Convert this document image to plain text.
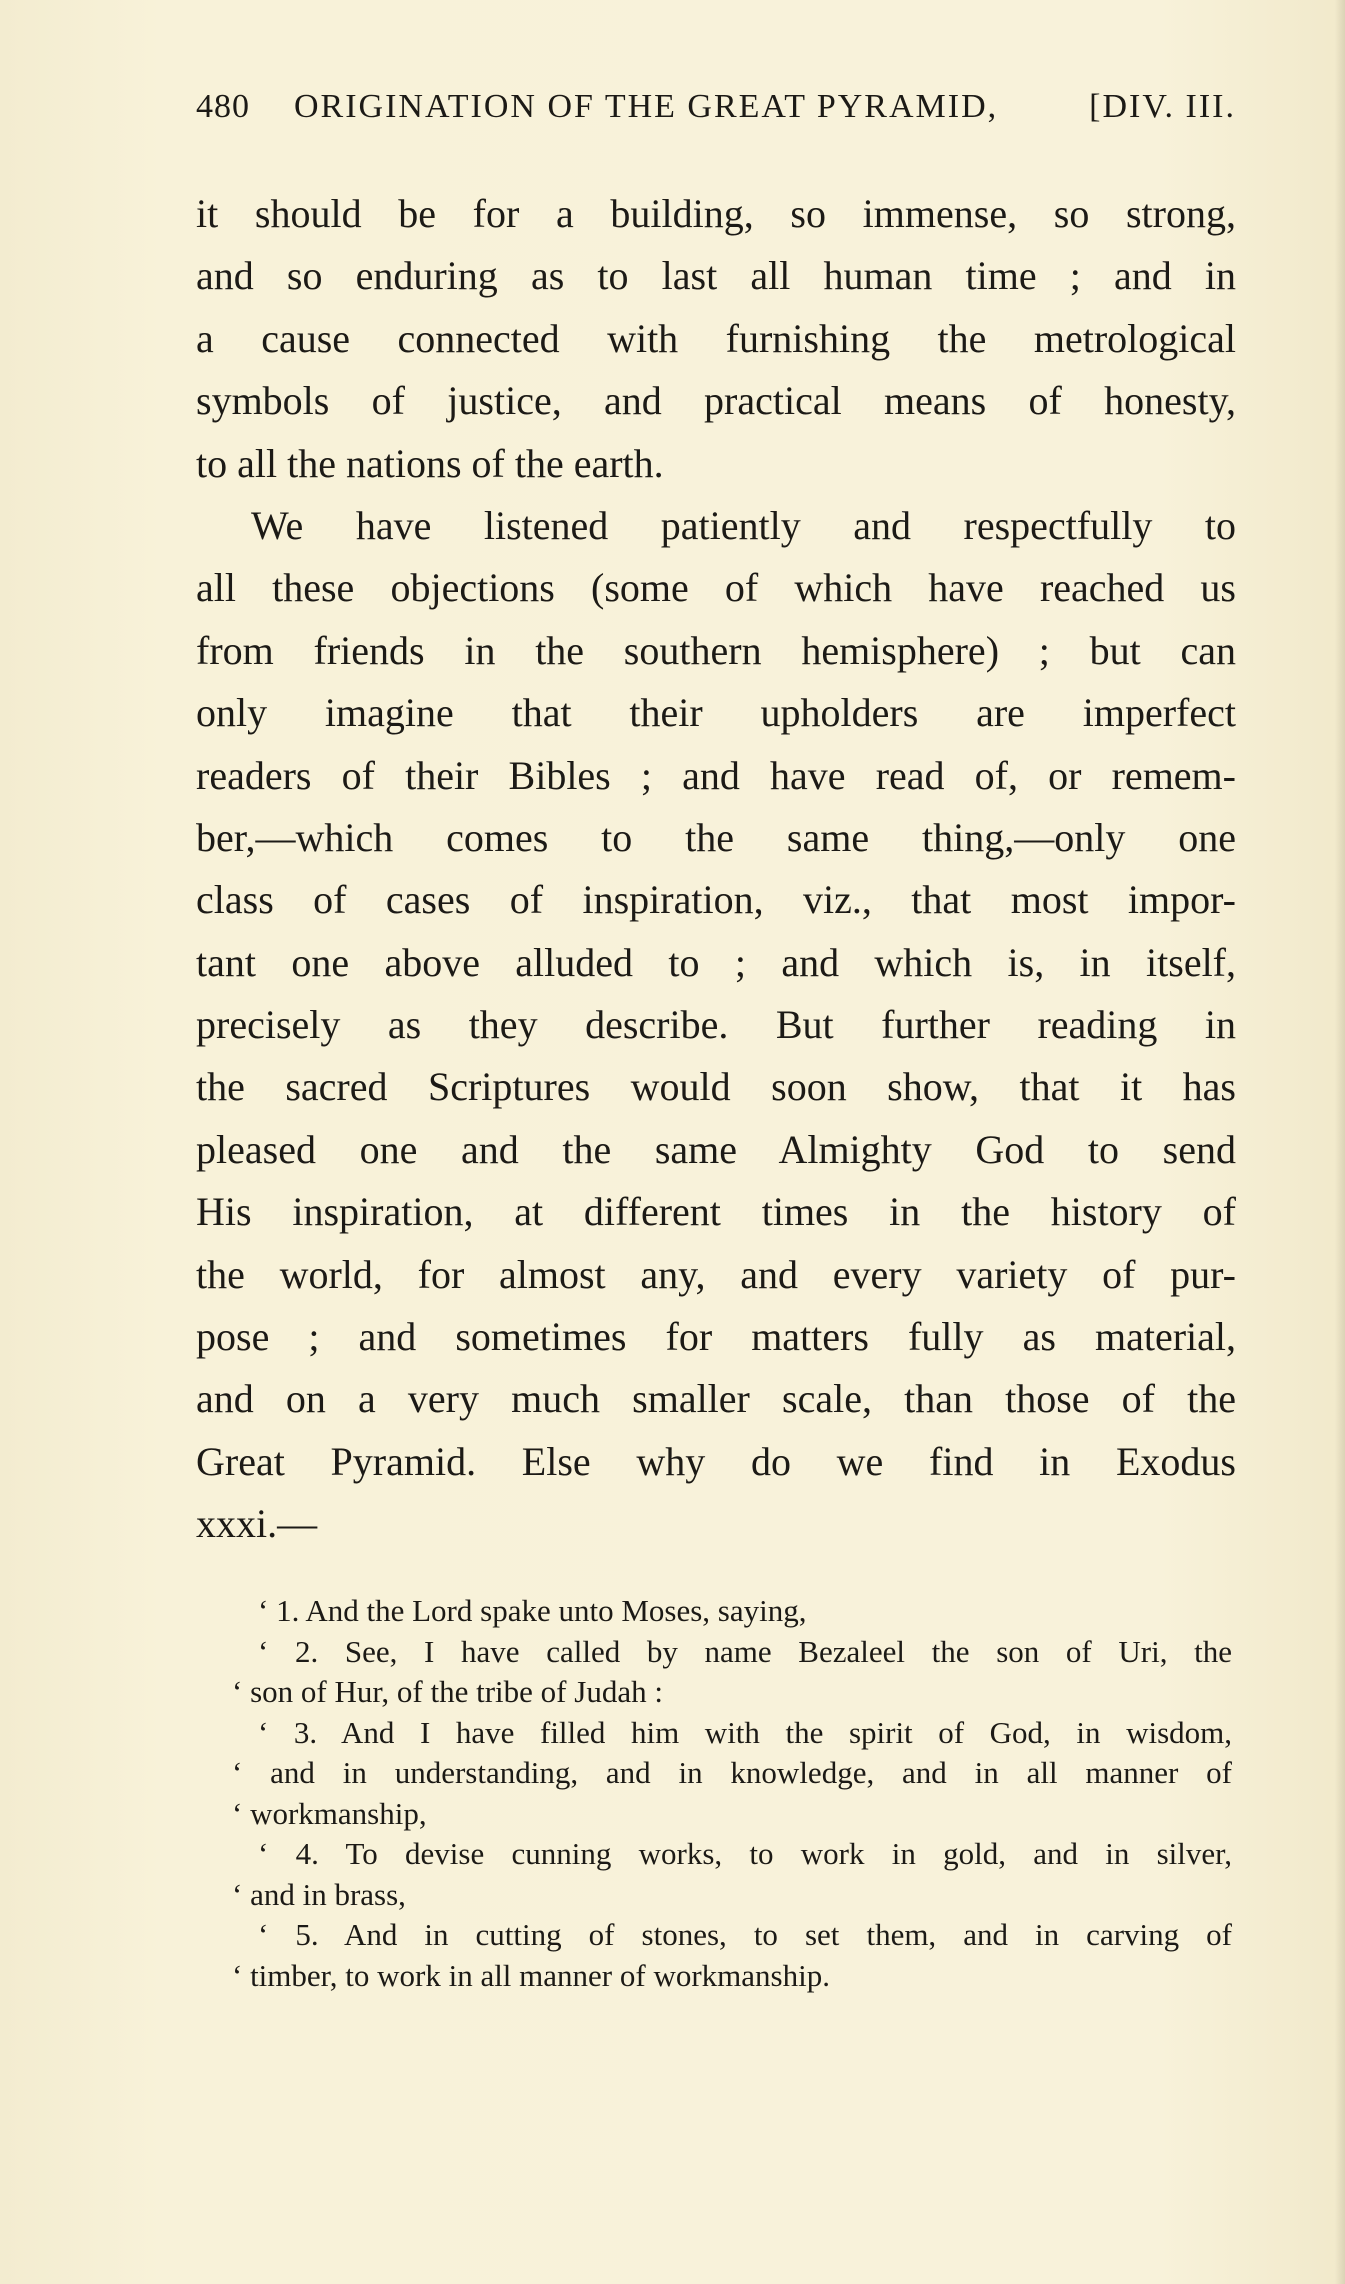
480 ORIGINATION OF THE GREAT PYRAMID,	[DIV. III.
it should be for a building, so immense, so strong,
and so enduring as to last all human time ; and in
a cause connected with furnishing the metrological
symbols of justice, and practical means of honesty,
to all the nations of the earth.
We have listened patiently and respectfully to
all these objections (some of which have reached us
from friends in the southern hemisphere) ; but can
only imagine that their upholders are imperfect
readers of their Bibles ; and have read of, or remem-
ber,—which comes to the same thing,—only one
class of cases of inspiration, viz., that most impor-
tant one above alluded to ; and which is, in itself,
precisely as they describe. But further reading in
the sacred Scriptures would soon show, that it has
pleased one and the same Almighty God to send
His inspiration, at different times in the history of
the world, for almost any, and every variety of pur-
pose ; and sometimes for matters fully as material,
and on a very much smaller scale, than those of the
Great Pyramid. Else why do we find in Exodus
xxxi.—
‘ 1. And the Lord spake unto Moses, saying,
‘ 2. See, I have called by name Bezaleel the son of Uri, the
‘ son of Hur, of the tribe of Judah :
‘ 3. And I have filled him with the spirit of God, in wisdom,
‘ and in understanding, and in knowledge, and in all manner of
‘ workmanship,
‘ 4. To devise cunning works, to work in gold, and in silver,
‘ and in brass,
‘ 5. And in cutting of stones, to set them, and in carving of
‘ timber, to work in all manner of workmanship.
